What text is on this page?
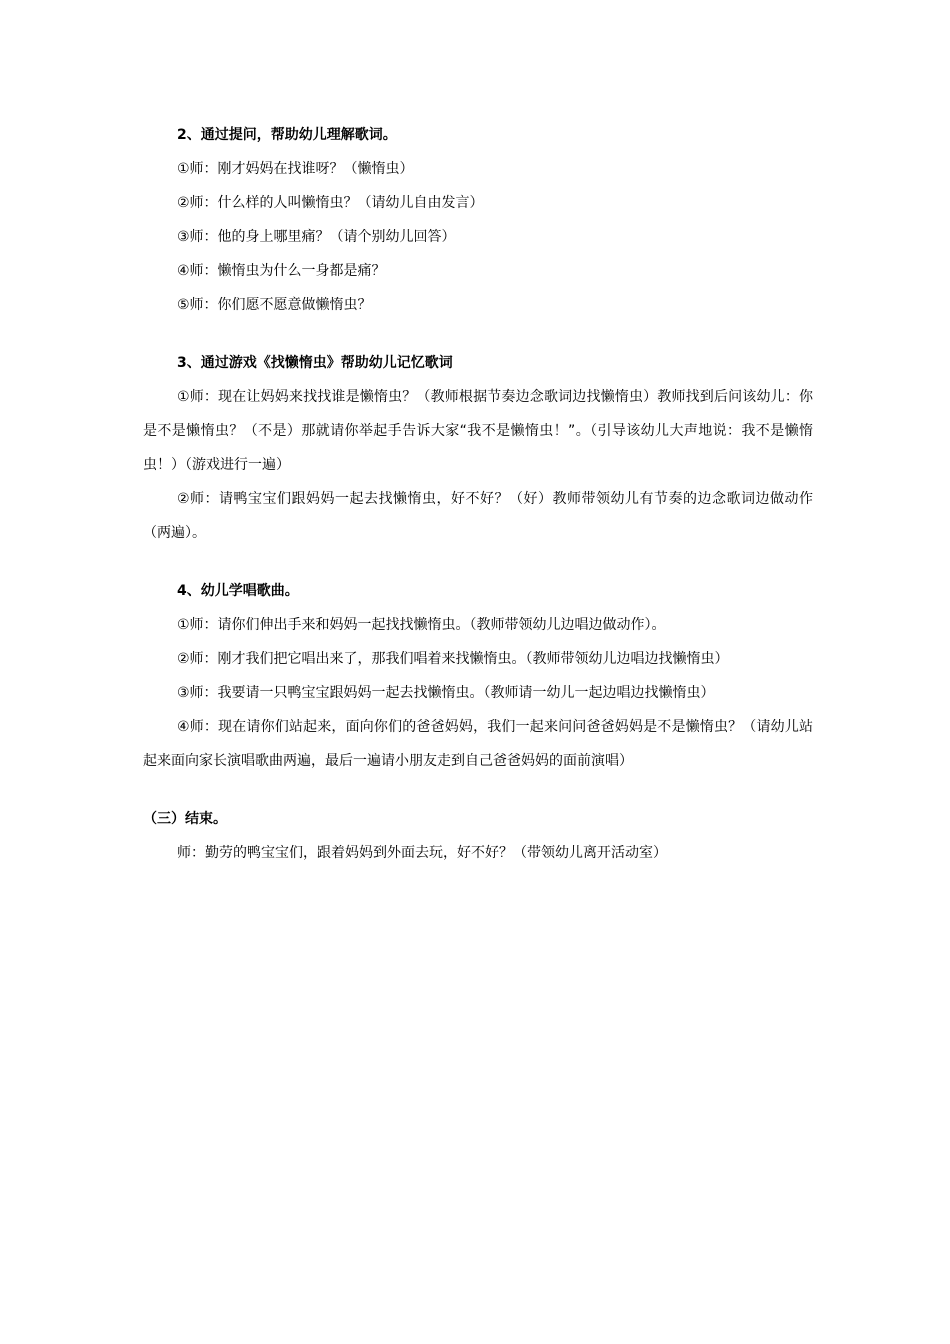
2、通过提问，帮助幼儿理解歌词。

①师：刚才妈妈在找谁呀？（懒惰虫）

②师：什么样的人叫懒惰虫？（请幼儿自由发言）

③师：他的身上哪里痛？（请个别幼儿回答）

④师：懒惰虫为什么一身都是痛？

⑤师：你们愿不愿意做懒惰虫？

3、通过游戏《找懒惰虫》帮助幼儿记忆歌词

①师：现在让妈妈来找找谁是懒惰虫？（教师根据节奏边念歌词边找懒惰虫）教师找到后问该幼儿：你是不是懒惰虫？（不是）那就请你举起手告诉大家“我不是懒惰虫！”。（引导该幼儿大声地说：我不是懒惰虫！）（游戏进行一遍）

②师：请鸭宝宝们跟妈妈一起去找懒惰虫，好不好？（好）教师带领幼儿有节奏的边念歌词边做动作（两遍）。

4、幼儿学唱歌曲。

①师：请你们伸出手来和妈妈一起找找懒惰虫。（教师带领幼儿边唱边做动作）。

②师：刚才我们把它唱出来了，那我们唱着来找懒惰虫。（教师带领幼儿边唱边找懒惰虫）

③师：我要请一只鸭宝宝跟妈妈一起去找懒惰虫。（教师请一幼儿一起边唱边找懒惰虫）

④师：现在请你们站起来，面向你们的爸爸妈妈，我们一起来问问爸爸妈妈是不是懒惰虫？（请幼儿站起来面向家长演唱歌曲两遍，最后一遍请小朋友走到自己爸爸妈妈的面前演唱）

（三）结束。

师：勤劳的鸭宝宝们，跟着妈妈到外面去玩，好不好？（带领幼儿离开活动室）
